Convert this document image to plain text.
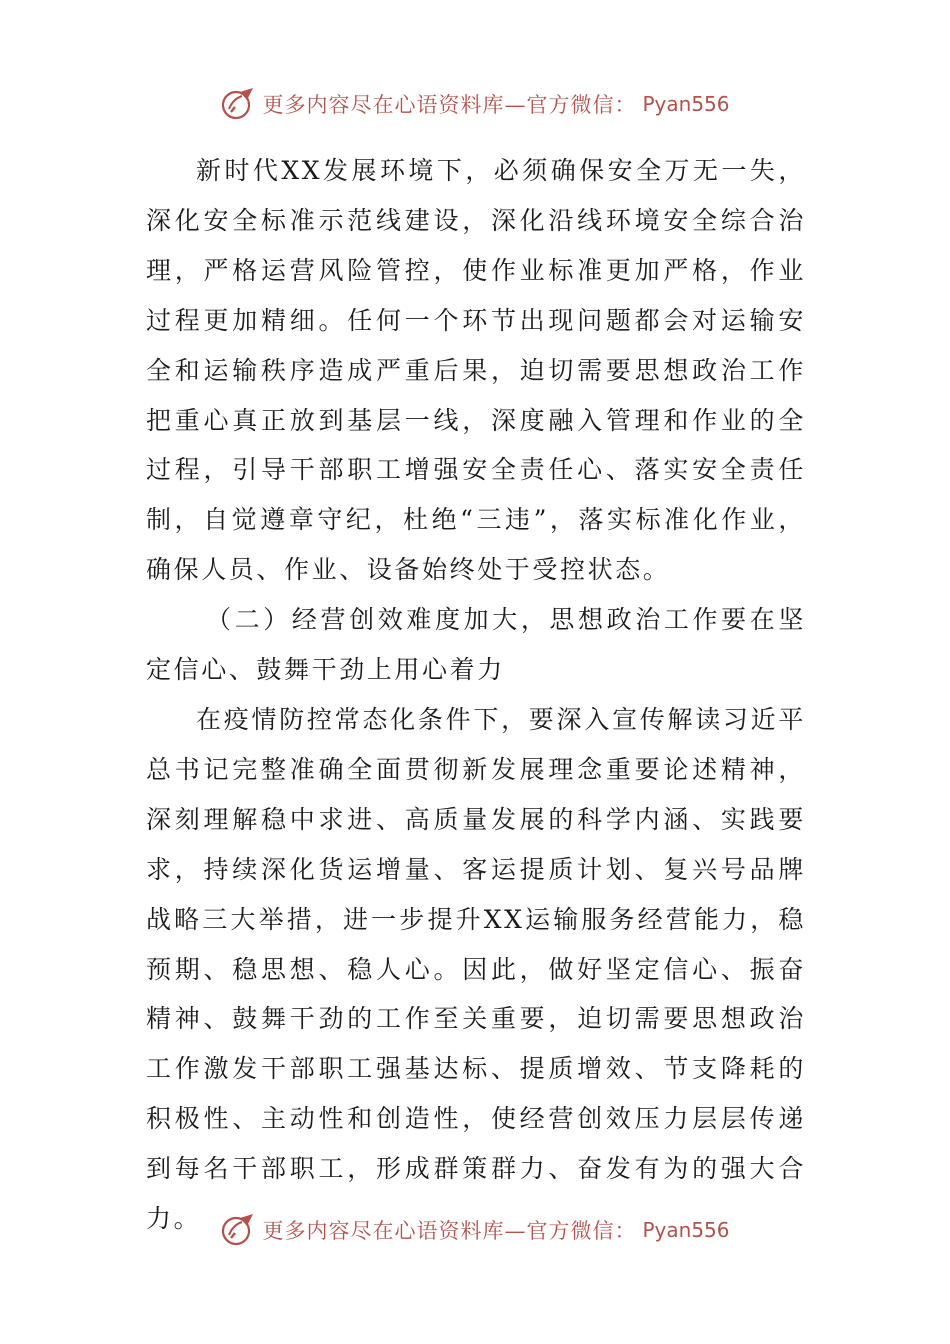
更多内容尽在心语资料库—官方微信： Pyan556

新时代XX发展环境下，必须确保安全万无一失，深化安全标准示范线建设，深化沿线环境安全综合治理，严格运营风险管控，使作业标准更加严格，作业过程更加精细。任何一个环节出现问题都会对运输安全和运输秩序造成严重后果，迫切需要思想政治工作把重心真正放到基层一线，深度融入管理和作业的全过程，引导干部职工增强安全责任心、落实安全责任制，自觉遵章守纪，杜绝“三违”，落实标准化作业，确保人员、作业、设备始终处于受控状态。

（二）经营创效难度加大，思想政治工作要在坚定信心、鼓舞干劲上用心着力

在疫情防控常态化条件下，要深入宣传解读习近平总书记完整准确全面贯彻新发展理念重要论述精神，深刻理解稳中求进、高质量发展的科学内涵、实践要求，持续深化货运增量、客运提质计划、复兴号品牌战略三大举措，进一步提升XX运输服务经营能力，稳预期、稳思想、稳人心。因此，做好坚定信心、振奋精神、鼓舞干劲的工作至关重要，迫切需要思想政治工作激发干部职工强基达标、提质增效、节支降耗的积极性、主动性和创造性，使经营创效压力层层传递到每名干部职工，形成群策群力、奋发有为的强大合力。	更多内容尽在心语资料库—官方微信： Pyan556
